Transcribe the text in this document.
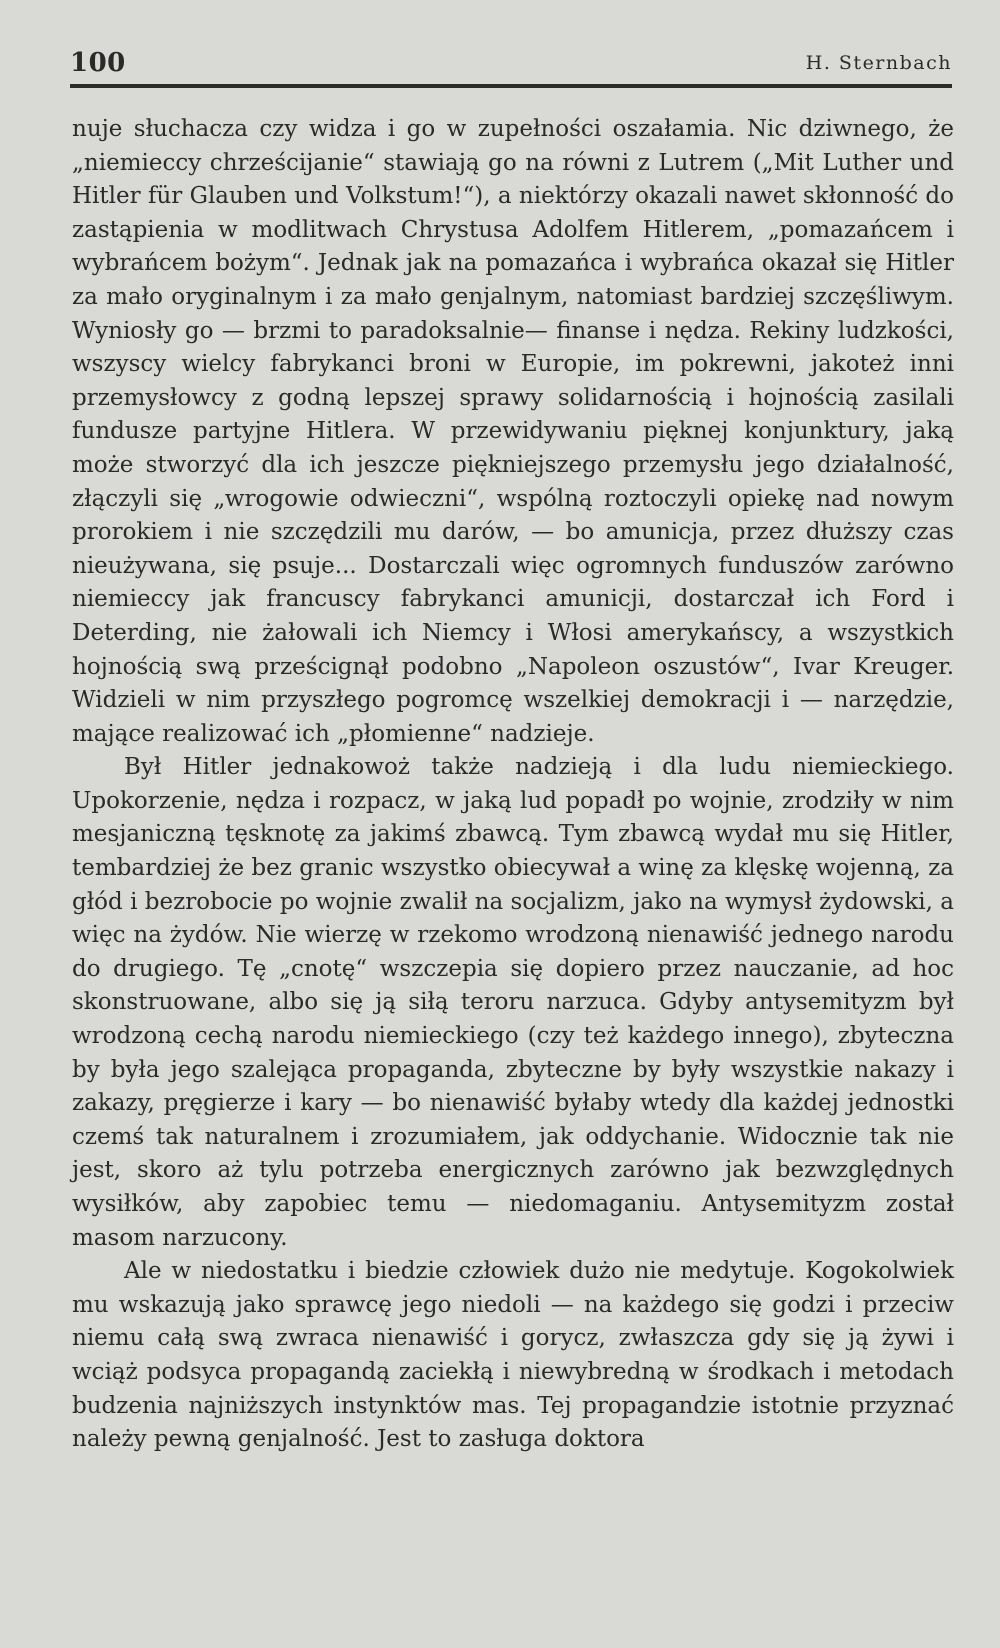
100	H. Sternbach

nuje słuchacza czy widza i go w zupełności oszałamia. Nic dziwnego, że „niemieccy chrześcijanie“ stawiają go na równi z Lutrem („Mit Luther und Hitler für Glauben und Volkstum!“), a niektórzy okazali nawet skłonność do zastąpienia w modlitwach Chrystusa Adolfem Hitlerem, „pomazańcem i wybrańcem bożym“. Jednak jak na pomazańca i wybrańca okazał się Hitler za mało oryginalnym i za mało genjalnym, natomiast bardziej szczęśliwym. Wyniosły go — brzmi to paradoksalnie— finanse i nędza. Rekiny ludzkości, wszyscy wielcy fabrykanci broni w Europie, im pokrewni, jakoteż inni przemysłowcy z godną lepszej sprawy solidarnością i hojnością zasilali fundusze partyjne Hitlera. W przewidywaniu pięknej konjunktury, jaką może stworzyć dla ich jeszcze piękniejszego przemysłu jego działalność, złączyli się „wrogowie odwieczni“, wspólną roztoczyli opiekę nad nowym prorokiem i nie szczędzili mu darów, — bo amunicja, przez dłuższy czas nieużywana, się psuje... Dostarczali więc ogromnych funduszów zarówno niemieccy jak francuscy fabrykanci amunicji, dostarczał ich Ford i Deterding, nie żałowali ich Niemcy i Włosi amerykańscy, a wszystkich hojnością swą prześcignął podobno „Napoleon oszustów“, Ivar Kreuger. Widzieli w nim przyszłego pogromcę wszelkiej demokracji i — narzędzie, mające realizować ich „płomienne“ nadzieje.

Był Hitler jednakowoż także nadzieją i dla ludu niemieckiego. Upokorzenie, nędza i rozpacz, w jaką lud popadł po wojnie, zrodziły w nim mesjaniczną tęsknotę za jakimś zbawcą. Tym zbawcą wydał mu się Hitler, tembardziej że bez granic wszystko obiecywał a winę za klęskę wojenną, za głód i bezrobocie po wojnie zwalił na socjalizm, jako na wymysł żydowski, a więc na żydów. Nie wierzę w rzekomo wrodzoną nienawiść jednego narodu do drugiego. Tę „cnotę“ wszczepia się dopiero przez nauczanie, ad hoc skonstruowane, albo się ją siłą teroru narzuca. Gdyby antysemityzm był wrodzoną cechą narodu niemieckiego (czy też każdego innego), zbyteczna by była jego szalejąca propaganda, zbyteczne by były wszystkie nakazy i zakazy, pręgierze i kary — bo nienawiść byłaby wtedy dla każdej jednostki czemś tak naturalnem i zrozumiałem, jak oddychanie. Widocznie tak nie jest, skoro aż tylu potrzeba energicznych zarówno jak bezwzględnych wysiłków, aby zapobiec temu — niedomaganiu. Antysemityzm został masom narzucony.

Ale w niedostatku i biedzie człowiek dużo nie medytuje. Kogokolwiek mu wskazują jako sprawcę jego niedoli — na każdego się godzi i przeciw niemu całą swą zwraca nienawiść i gorycz, zwłaszcza gdy się ją żywi i wciąż podsyca propagandą zaciekłą i niewybredną w środkach i metodach budzenia najniższych instynktów mas. Tej propagandzie istotnie przyznać należy pewną genjalność. Jest to zasługa doktora
